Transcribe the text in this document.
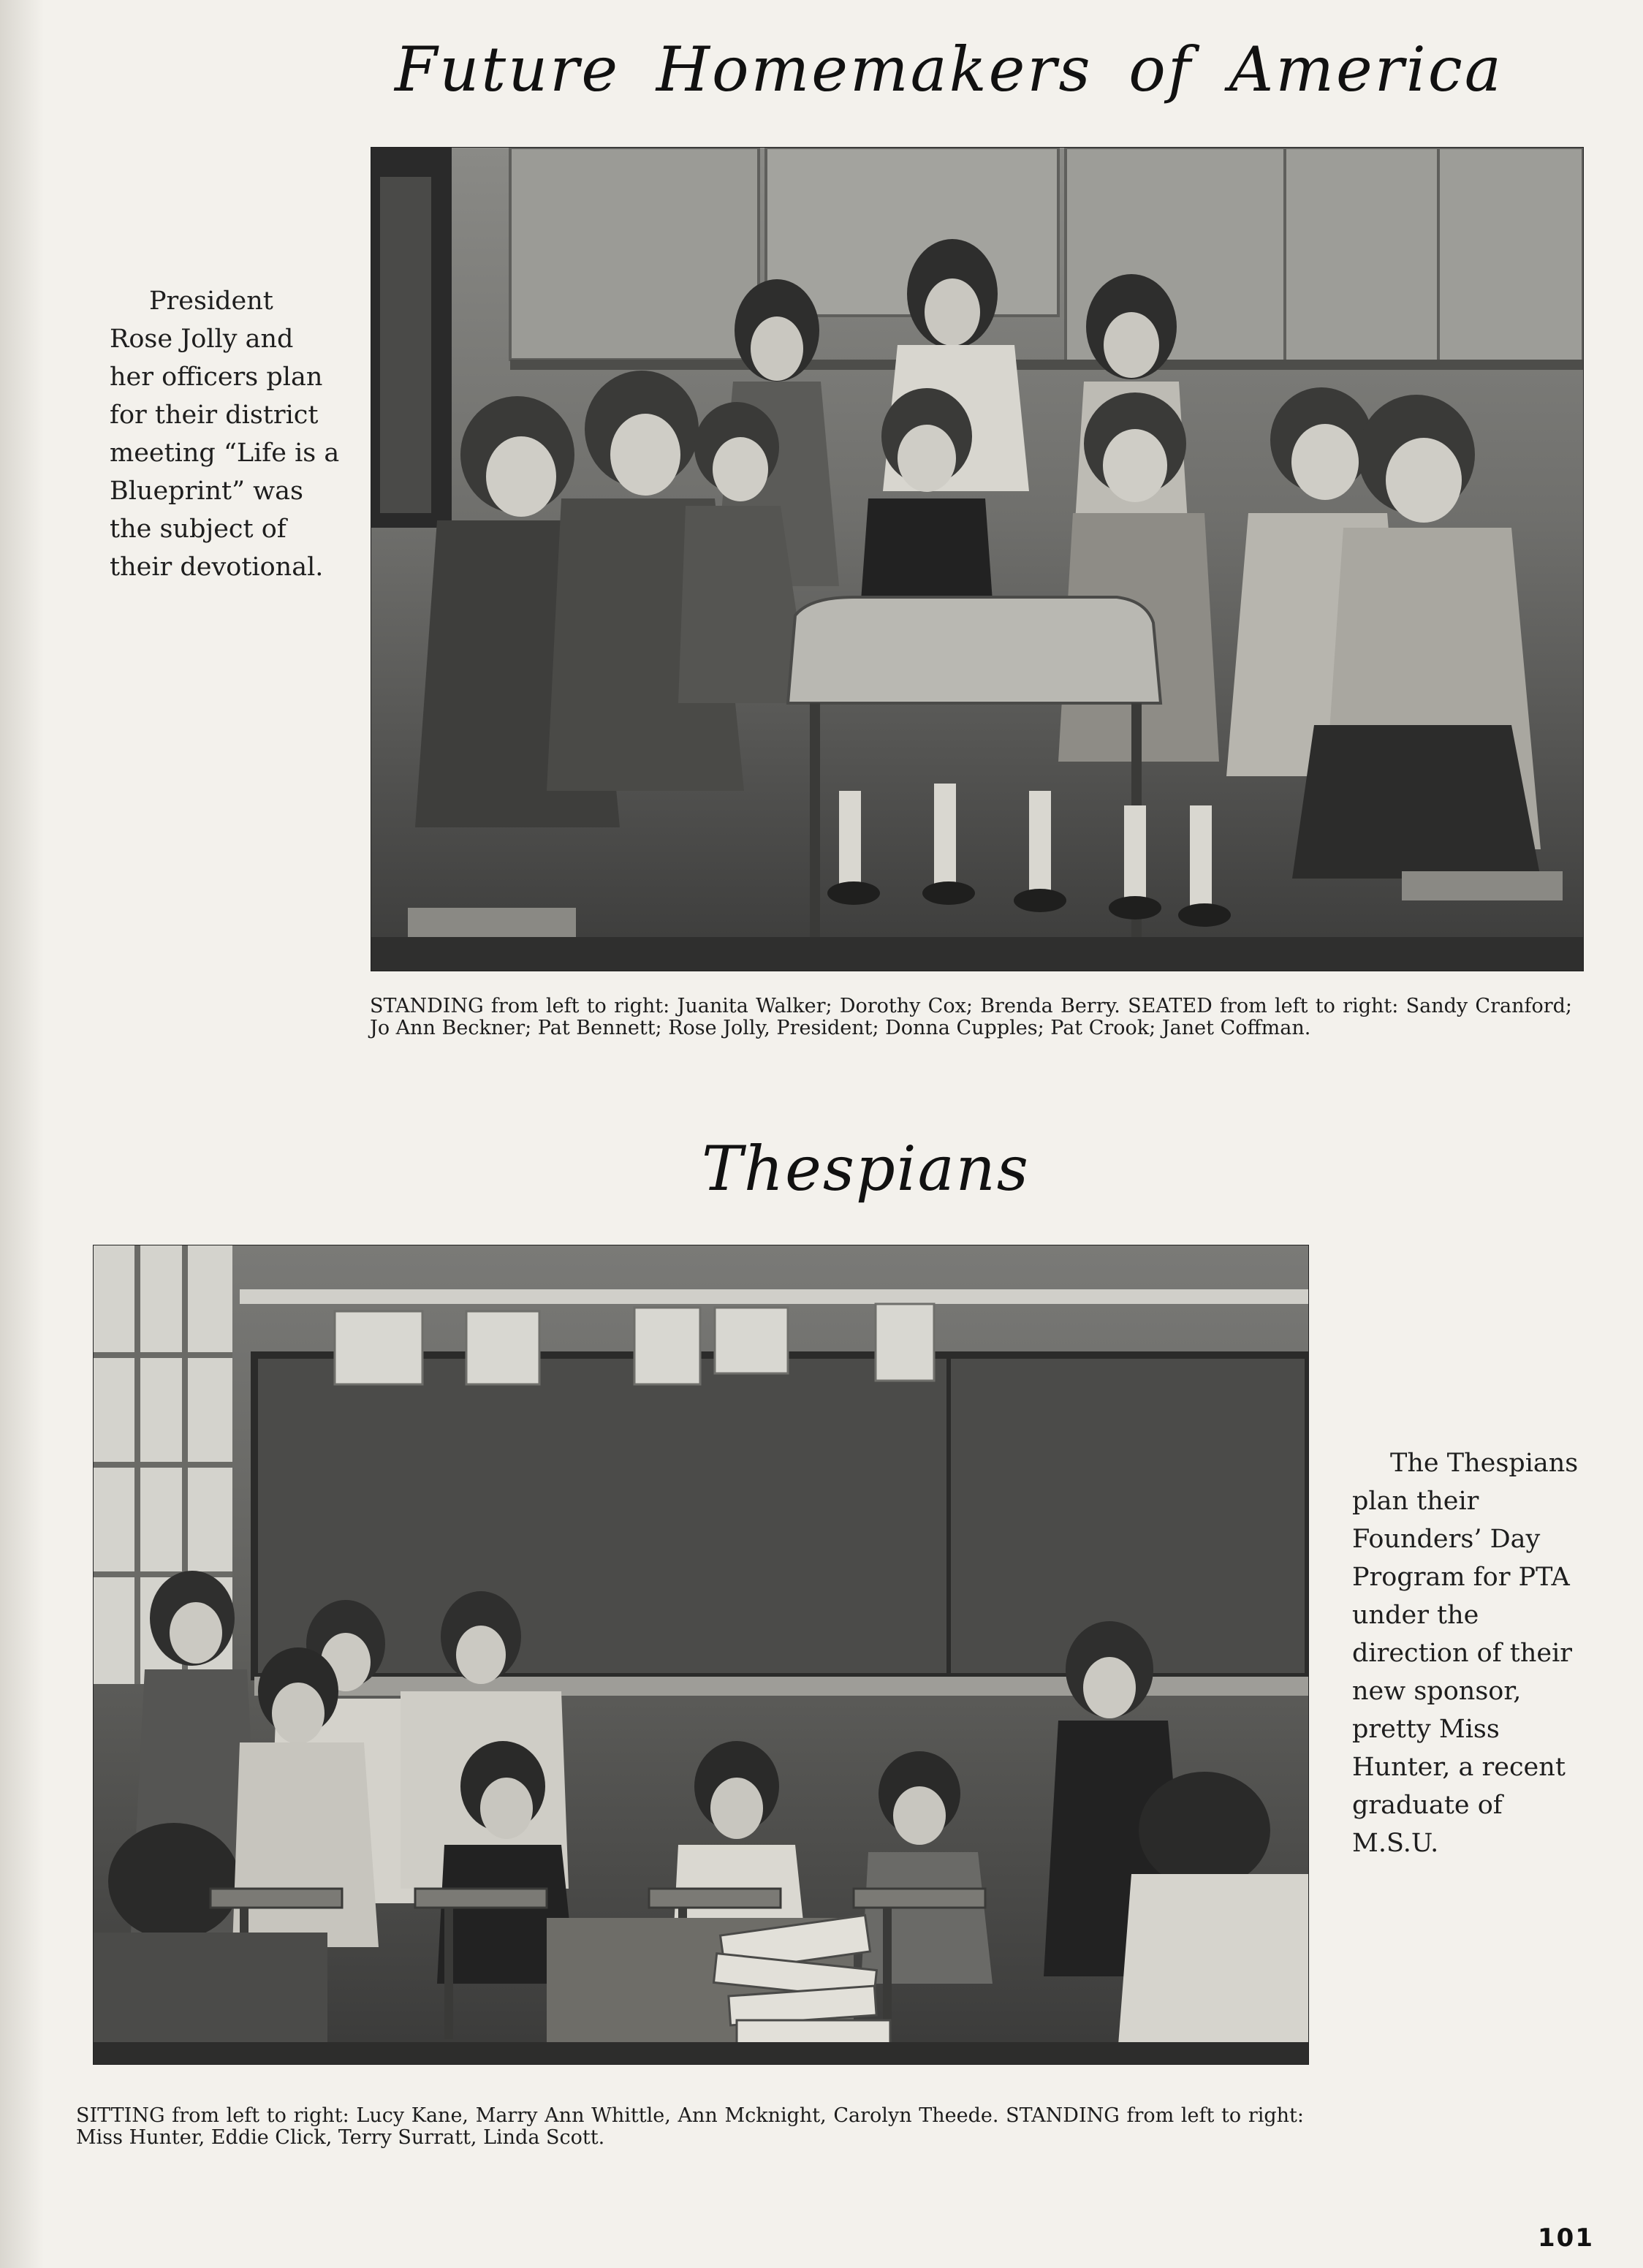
Future Homemakers of America

President Rose Jolly and her officers plan for their district meeting “Life is a Blueprint” was the subject of their devotional.

STANDING from left to right: Juanita Walker; Dorothy Cox; Brenda Berry. SEATED from left to right: Sandy Cranford; Jo Ann Beckner; Pat Bennett; Rose Jolly, President; Donna Cupples; Pat Crook; Janet Coffman.

Thespians

The Thespians plan their Founders’ Day Program for PTA under the direction of their new sponsor, pretty Miss Hunter, a recent graduate of M.S.U.

SITTING from left to right: Lucy Kane, Marry Ann Whittle, Ann Mcknight, Carolyn Theede. STANDING from left to right: Miss Hunter, Eddie Click, Terry Surratt, Linda Scott.

101
